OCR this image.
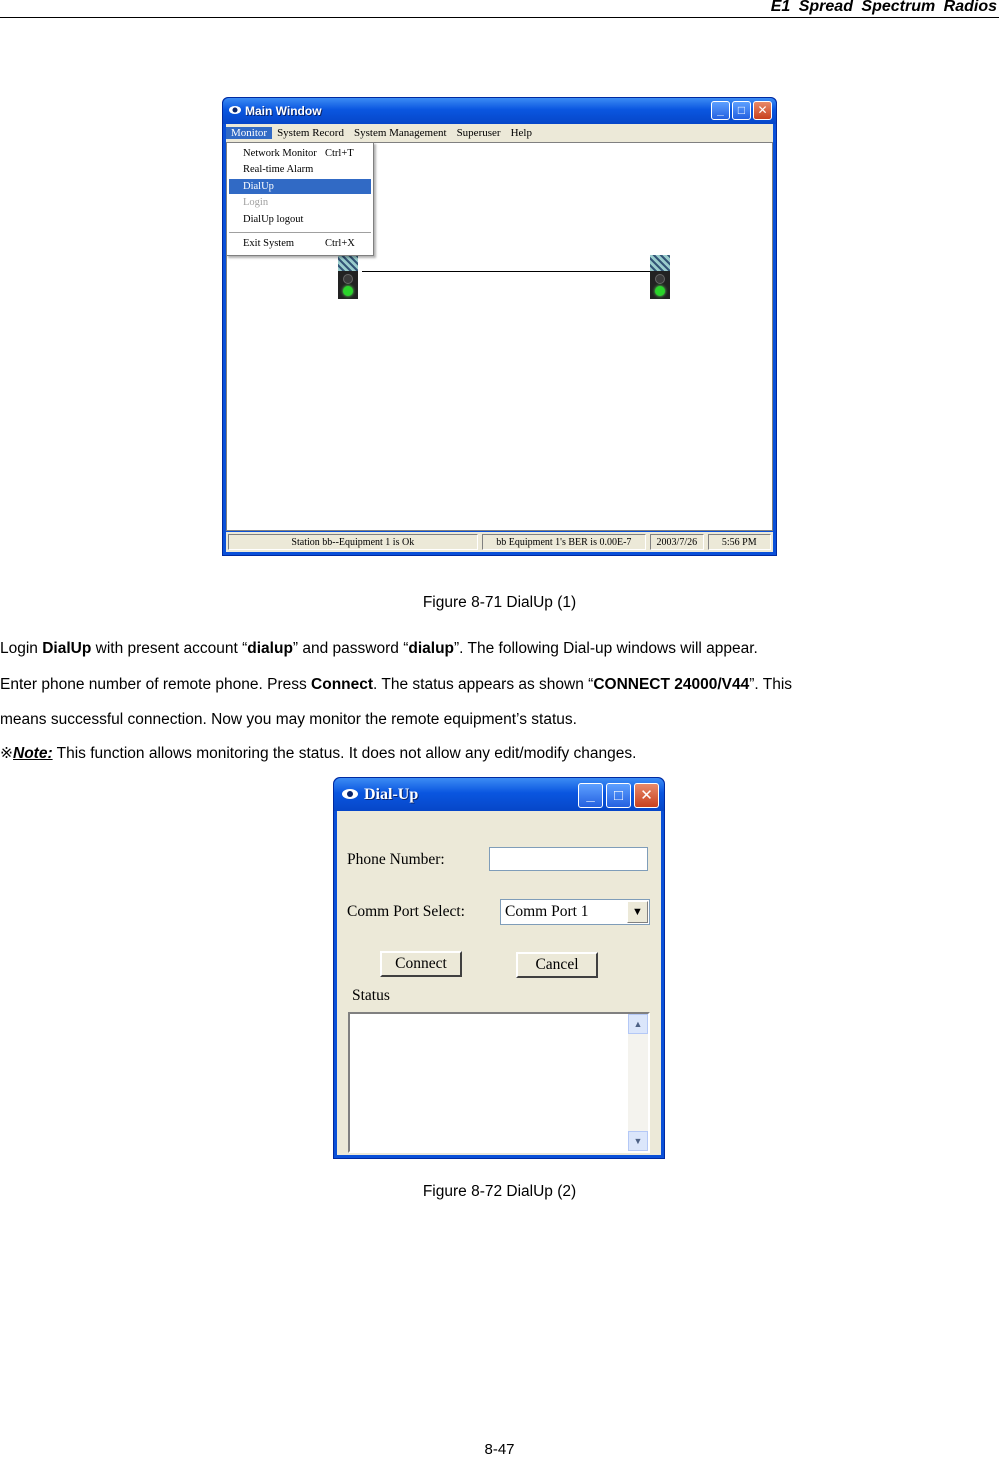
E1 Spread Spectrum Radios
Main Window	_	□	✕
Monitor System Record System Management Superuser Help
Network Monitor Ctrl+T
Real-time Alarm
DialUp
Login
DialUp logout
Exit System	Ctrl+X
Station bb--Equipment 1 is Ok	bb Equipment 1's BER is 0.00E-7	2003/7/26	5:56 PM
Figure 8-71 DialUp (1)
Login DialUp with present account “dialup” and password “dialup”. The following Dial-up windows will appear.
Enter phone number of remote phone. Press Connect. The status appears as shown “CONNECT 24000/V44”. This
means successful connection. Now you may monitor the remote equipment’s status.
※Note: This function allows monitoring the status. It does not allow any edit/modify changes.
Dial-Up	_	□	✕
Phone Number:
Comm Port Select:	Comm Port 1	▼
Connect	Cancel
Status
▲
▼
Figure 8-72 DialUp (2)
8-47
